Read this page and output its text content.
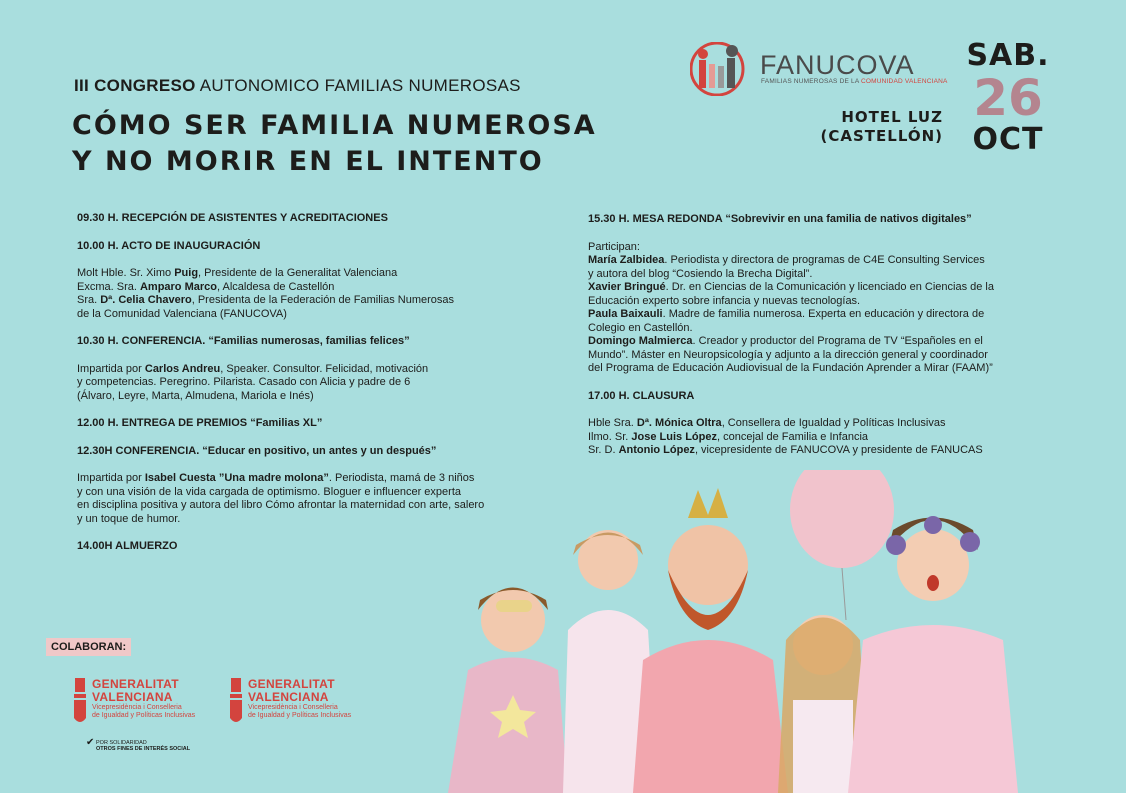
III CONGRESO AUTONOMICO FAMILIAS NUMEROSAS
CÓMO SER FAMILIA NUMEROSA
Y NO MORIR EN EL INTENTO
FANUCOVA
FAMILIAS NUMEROSAS DE LA COMUNIDAD VALENCIANA
HOTEL LUZ
(CASTELLÓN)
SAB.
26
OCT
09.30 H. RECEPCIÓN DE ASISTENTES Y ACREDITACIONES
10.00 H. ACTO DE INAUGURACIÓN

Molt Hble. Sr. Ximo Puig, Presidente de la Generalitat Valenciana
Excma. Sra. Amparo Marco, Alcaldesa de Castellón
Sra. Dª. Celia Chavero, Presidenta de la Federación de Familias Numerosas
de la Comunidad Valenciana (FANUCOVA)

10.30 H. CONFERENCIA. “Familias numerosas, familias felices”

Impartida por Carlos Andreu, Speaker. Consultor. Felicidad, motivación
y competencias. Peregrino. Pilarista. Casado con Alicia y padre de 6
(Álvaro, Leyre, Marta, Almudena, Mariola e Inés)

12.00 H. ENTREGA DE PREMIOS “Familias XL”
12.30H CONFERENCIA. “Educar en positivo, un antes y un después”

Impartida por Isabel Cuesta ”Una madre molona”. Periodista, mamá de 3 niños
y con una visión de la vida cargada de optimismo. Bloguer e influencer experta
en disciplina positiva y autora del libro Cómo afrontar la maternidad con arte, salero
y un toque de humor.

14.00H ALMUERZO
15.30 H. MESA REDONDA “Sobrevivir en una familia de nativos digitales”

Participan:
María Zalbidea. Periodista y directora de programas de C4E Consulting Services
y autora del blog “Cosiendo la Brecha Digital”.
Xavier Bringué. Dr. en Ciencias de la Comunicación y licenciado en Ciencias de la
Educación experto sobre infancia y nuevas tecnologías.
Paula Baixauli. Madre de familia numerosa. Experta en educación y directora de
Colegio en Castellón.
Domingo Malmierca. Creador y productor del Programa de TV “Españoles en el
Mundo”. Máster en Neuropsicología y adjunto a la dirección general y coordinador
del Programa de Educación Audiovisual de la Fundación Aprender a Mirar (FAAM)”

17.00 H. CLAUSURA

Hble Sra. Dª. Mónica Oltra, Consellera de Igualdad y Políticas Inclusivas
Ilmo. Sr. Jose Luis López, concejal de Familia e Infancia
Sr. D. Antonio López, vicepresidente de FANUCOVA y presidente de FANUCAS

COLABORAN:
GENERALITAT
VALENCIANA
Vicepresidència i Conselleria
de Igualdad y Políticas Inclusivas
GENERALITAT
VALENCIANA
Vicepresidència i Conselleria
de Igualdad y Políticas Inclusivas
✔ POR SOLIDARIDAD
OTROS FINES DE INTERÉS SOCIAL
